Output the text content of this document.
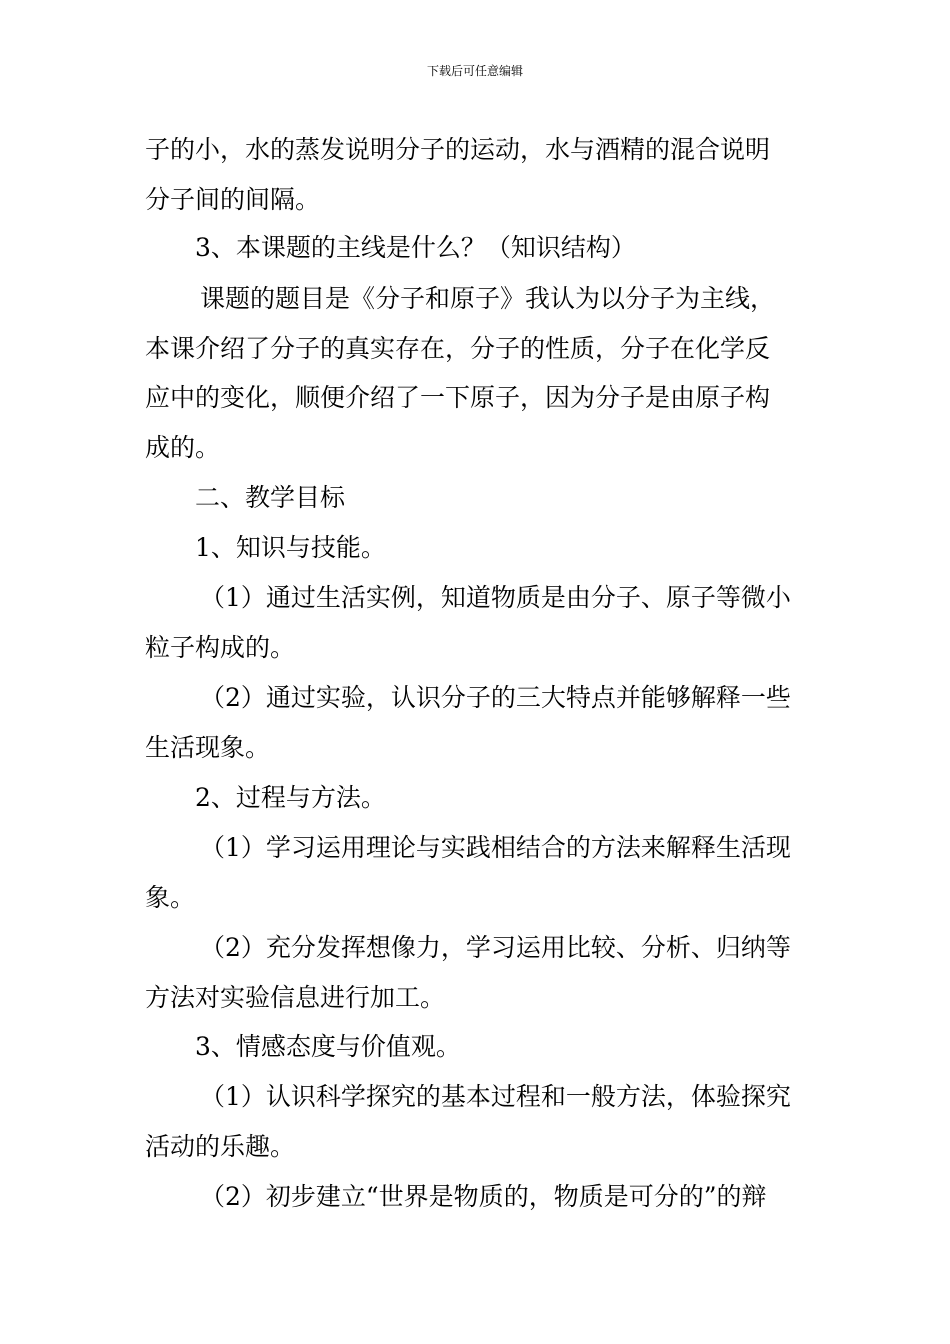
下载后可任意编辑
子的小，水的蒸发说明分子的运动，水与酒精的混合说明
分子间的间隔。
3、本课题的主线是什么？（知识结构）
课题的题目是《分子和原子》我认为以分子为主线，
本课介绍了分子的真实存在，分子的性质，分子在化学反
应中的变化，顺便介绍了一下原子，因为分子是由原子构
成的。
二、教学目标
1、知识与技能。
（1）通过生活实例，知道物质是由分子、原子等微小
粒子构成的。
（2）通过实验，认识分子的三大特点并能够解释一些
生活现象。
2、过程与方法。
（1）学习运用理论与实践相结合的方法来解释生活现
象。
（2）充分发挥想像力，学习运用比较、分析、归纳等
方法对实验信息进行加工。
3、情感态度与价值观。
（1）认识科学探究的基本过程和一般方法，体验探究
活动的乐趣。
（2）初步建立“世界是物质的，物质是可分的”的辩
